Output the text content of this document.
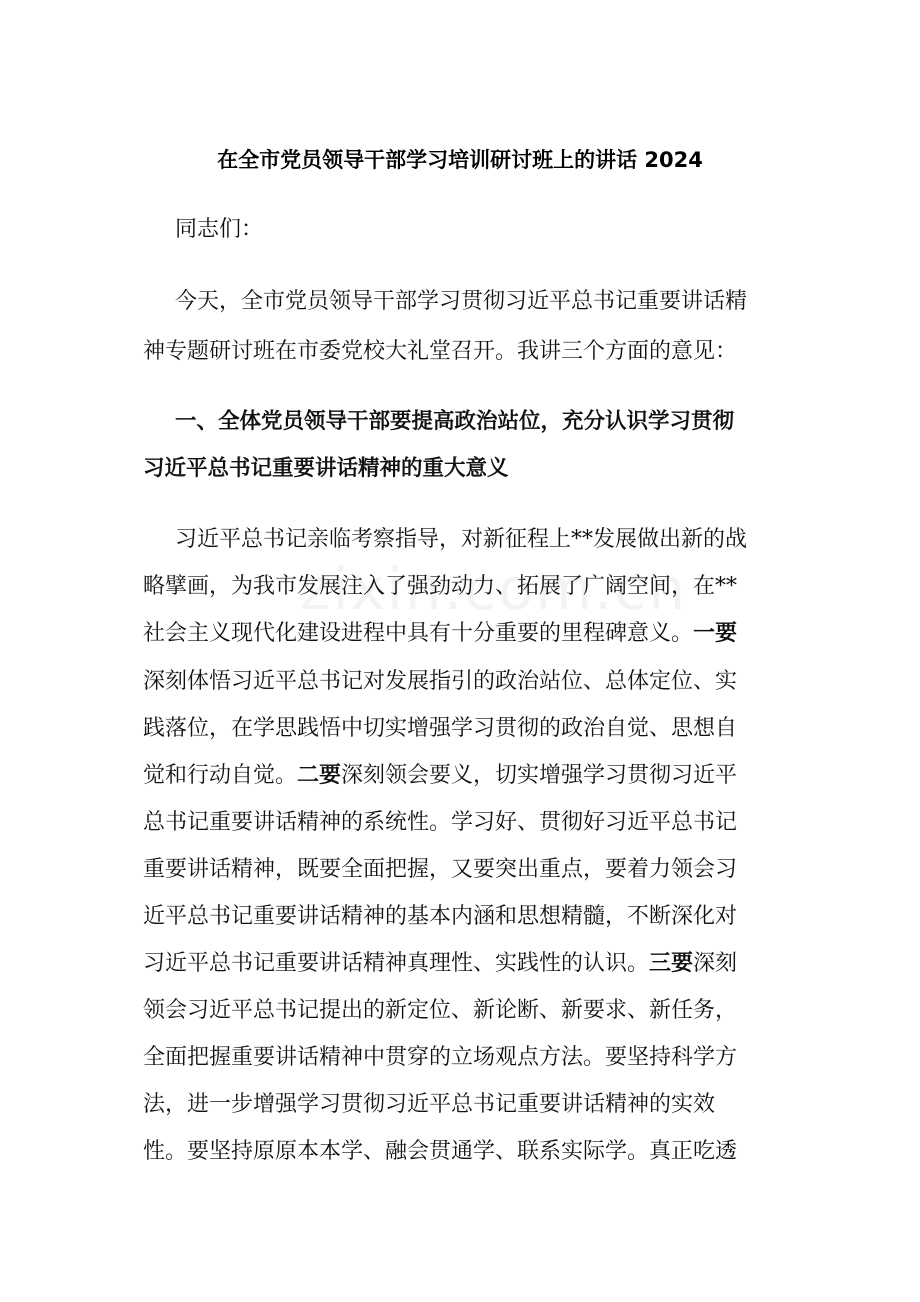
在全市党员领导干部学习培训研讨班上的讲话 2024
同志们：
今天，全市党员领导干部学习贯彻习近平总书记重要讲话精
神专题研讨班在市委党校大礼堂召开。我讲三个方面的意见：
一、全体党员领导干部要提高政治站位，充分认识学习贯彻
习近平总书记重要讲话精神的重大意义
习近平总书记亲临考察指导，对新征程上**发展做出新的战
略擘画，为我市发展注入了强劲动力、拓展了广阔空间，在**
社会主义现代化建设进程中具有十分重要的里程碑意义。一要
深刻体悟习近平总书记对发展指引的政治站位、总体定位、实
践落位，在学思践悟中切实增强学习贯彻的政治自觉、思想自
觉和行动自觉。二要深刻领会要义，切实增强学习贯彻习近平
总书记重要讲话精神的系统性。学习好、贯彻好习近平总书记
重要讲话精神，既要全面把握，又要突出重点，要着力领会习
近平总书记重要讲话精神的基本内涵和思想精髓，不断深化对
习近平总书记重要讲话精神真理性、实践性的认识。三要深刻
领会习近平总书记提出的新定位、新论断、新要求、新任务，
全面把握重要讲话精神中贯穿的立场观点方法。要坚持科学方
法，进一步增强学习贯彻习近平总书记重要讲话精神的实效
性。要坚持原原本本学、融会贯通学、联系实际学。真正吃透
